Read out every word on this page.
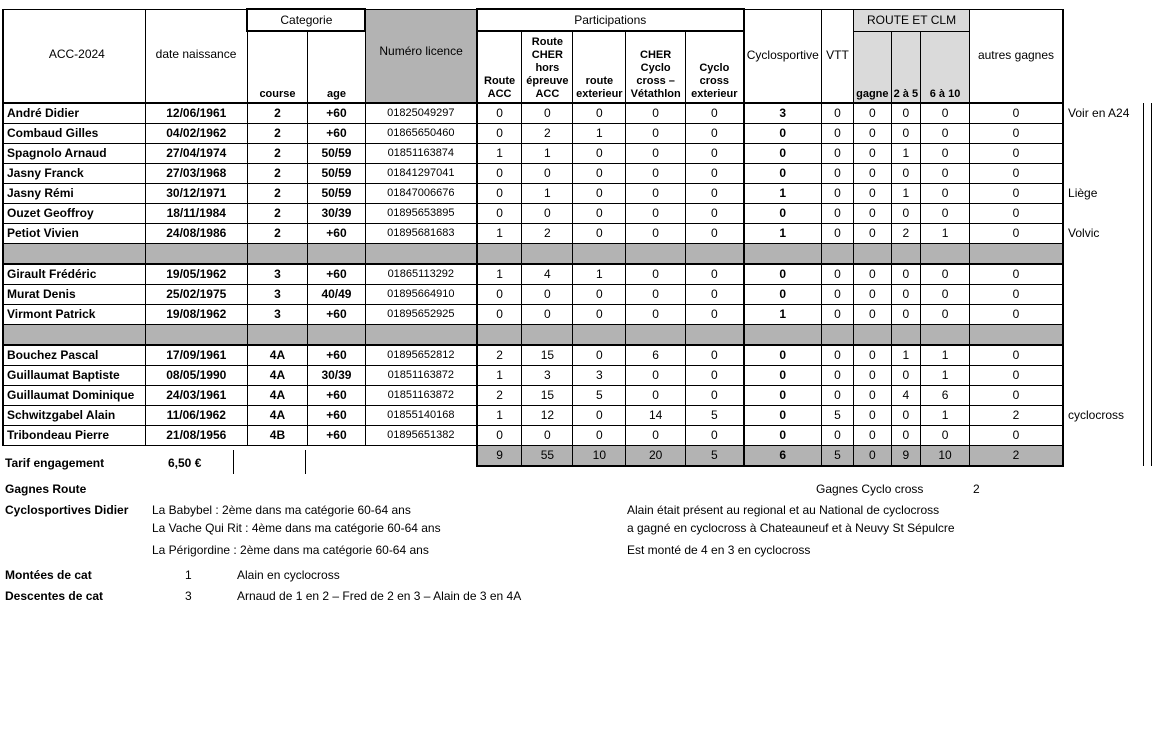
ACC-2024	date naissance	Categorie		Numéro licence	Participations					Cyclosportive	VTT	ROUTE ET CLM			autres gagnes		
		course	age		Route ACC	Route CHER hors épreuve ACC	route exterieur	CHER Cyclo cross – Vétathlon	Cyclo cross exterieur			gagne	2 à 5	6 à 10			
André Didier	12/06/1961	2	+60	01825049297	0	0	0	0	0	3	0	0	0	0	0	Voir en A24	
Combaud Gilles	04/02/1962	2	+60	01865650460	0	2	1	0	0	0	0	0	0	0	0		
Spagnolo Arnaud	27/04/1974	2	50/59	01851163874	1	1	0	0	0	0	0	0	1	0	0		
Jasny Franck	27/03/1968	2	50/59	01841297041	0	0	0	0	0	0	0	0	0	0	0		
Jasny Rémi	30/12/1971	2	50/59	01847006676	0	1	0	0	0	1	0	0	1	0	0	Liège	
Ouzet Geoffroy	18/11/1984	2	30/39	01895653895	0	0	0	0	0	0	0	0	0	0	0		
Petiot Vivien	24/08/1986	2	+60	01895681683	1	2	0	0	0	1	0	0	2	1	0	Volvic	

Girault Frédéric	19/05/1962	3	+60	01865113292	1	4	1	0	0	0	0	0	0	0	0		
Murat Denis	25/02/1975	3	40/49	01895664910	0	0	0	0	0	0	0	0	0	0	0		
Virmont Patrick	19/08/1962	3	+60	01895652925	0	0	0	0	0	1	0	0	0	0	0		

Bouchez Pascal	17/09/1961	4A	+60	01895652812	2	15	0	6	0	0	0	0	1	1	0		
Guillaumat Baptiste	08/05/1990	4A	30/39	01851163872	1	3	3	0	0	0	0	0	0	1	0		
Guillaumat Dominique	24/03/1961	4A	+60	01851163872	2	15	5	0	0	0	0	0	4	6	0		
Schwitzgabel Alain	11/06/1962	4A	+60	01855140168	1	12	0	14	5	0	5	0	0	1	2	cyclocross	
Tribondeau Pierre	21/08/1956	4B	+60	01895651382	0	0	0	0	0	0	0	0	0	0	0		
					9	55	10	20	5	6	5	0	9	10	2		
Tarif engagement	6,50 €
Gagnes Route	Gagnes Cyclo cross	2
Cyclosportives Didier La Babybel : 2ème dans ma catégorie 60-64 ans
La Vache Qui Rit : 4ème dans ma catégorie 60-64 ans
La Périgordine : 2ème dans ma catégorie 60-64 ans
Alain était présent au regional et au National de cyclocross
a gagné en cyclocross à Chateauneuf et à Neuvy St Sépulcre
Est monté de 4 en 3 en cyclocross
Montées de cat	1	Alain en cyclocross
Descentes de cat	3	Arnaud de 1 en 2 – Fred de 2 en 3 – Alain de 3 en 4A
